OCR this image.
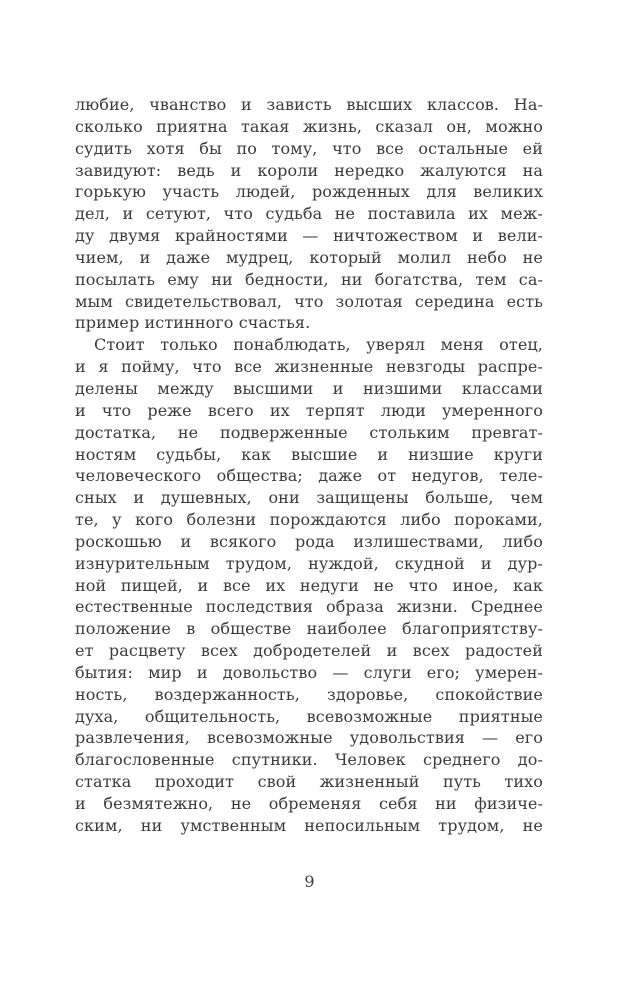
любие, чванство и зависть высших классов. На-
сколько приятна такая жизнь, сказал он, можно
судить хотя бы по тому, что все остальные ей
завидуют: ведь и короли нередко жалуются на
горькую участь людей, рожденных для великих
дел, и сетуют, что судьба не поставила их меж-
ду двумя крайностями — ничтожеством и вели-
чием, и даже мудрец, который молил небо не
посылать ему ни бедности, ни богатства, тем са-
мым свидетельствовал, что золотая середина есть
пример истинного счастья.
Стоит только понаблюдать, уверял меня отец,
и я пойму, что все жизненные невзгоды распре-
делены между высшими и низшими классами
и что реже всего их терпят люди умеренного
достатка, не подверженные стольким превrат-
ностям судьбы, как высшие и низшие круги
человеческого общества; даже от недугов, теле-
сных и душевных, они защищены больше, чем
те, у кого болезни порождаются либо пороками,
роскошью и всякого рода излишествами, либо
изнурительным трудом, нуждой, скудной и дур-
ной пищей, и все их недуги не что иное, как
естественные последствия образа жизни. Среднее
положение в обществе наиболее благоприятству-
ет расцвету всех добродетелей и всех радостей
бытия: мир и довольство — слуги его; умерен-
ность, воздержанность, здоровье, спокойствие
духа, общительность, всевозможные приятные
развлечения, всевозможные удовольствия — его
благословенные спутники. Человек среднего до-
статка проходит свой жизненный путь тихо
и безмятежно, не обременяя себя ни физиче-
ским, ни умственным непосильным трудом, не
9
